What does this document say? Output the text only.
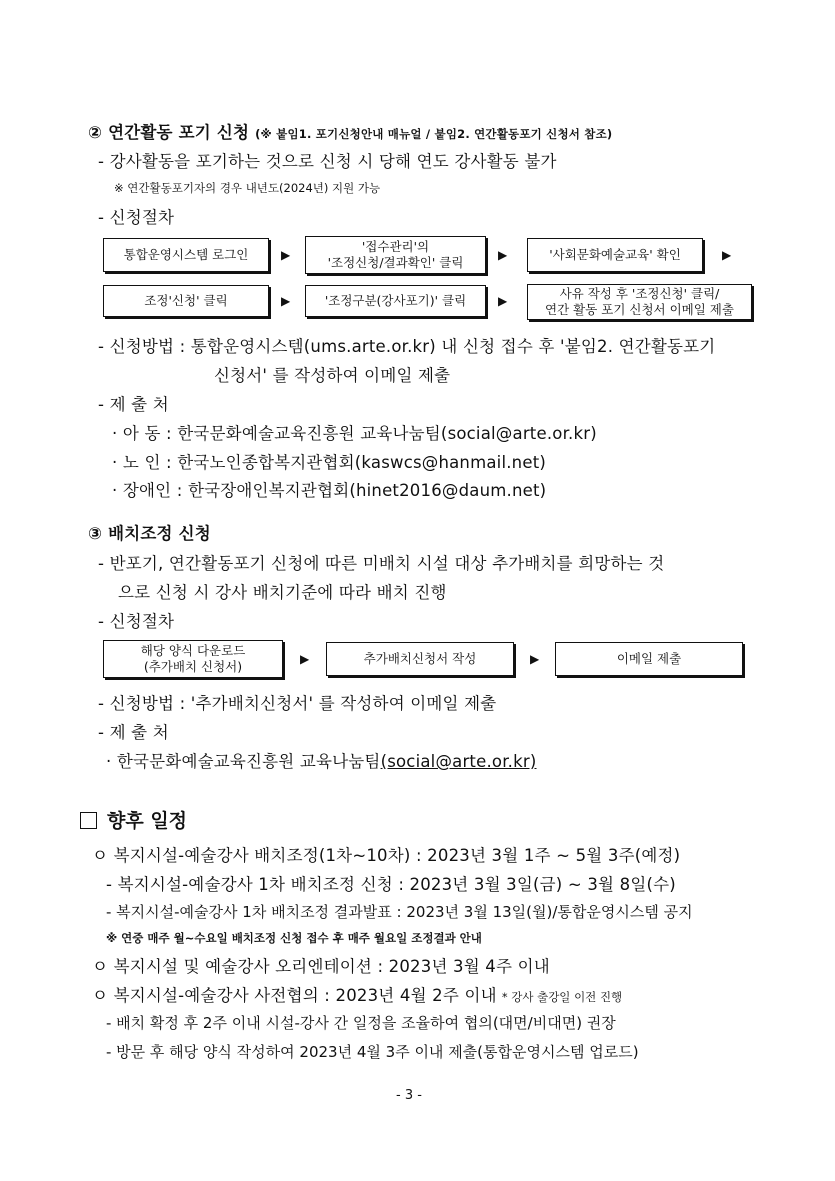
② 연간활동 포기 신청 (※ 붙임1. 포기신청안내 매뉴얼 / 붙임2. 연간활동포기 신청서 참조)
- 강사활동을 포기하는 것으로 신청 시 당해 연도 강사활동 불가
※ 연간활동포기자의 경우 내년도(2024년) 지원 가능
- 신청절차
통합운영시스템 로그인	▶
'접수관리'의
'조정신청/결과확인' 클릭	▶	'사회문화예술교육' 확인	▶
조정'신청' 클릭	▶	'조정구분(강사포기)' 클릭	▶	사유 작성 후 '조정신청' 클릭/
연간 활동 포기 신청서 이메일 제출
- 신청방법 : 통합운영시스템(ums.arte.or.kr) 내 신청 접수 후 '붙임2. 연간활동포기
신청서' 를 작성하여 이메일 제출
- 제 출 처
· 아 동 : 한국문화예술교육진흥원 교육나눔팀(social@arte.or.kr)
· 노 인 : 한국노인종합복지관협회(kaswcs@hanmail.net)
· 장애인 : 한국장애인복지관협회(hinet2016@daum.net)
③ 배치조정 신청
- 반포기, 연간활동포기 신청에 따른 미배치 시설 대상 추가배치를 희망하는 것
으로 신청 시 강사 배치기준에 따라 배치 진행
- 신청절차
해당 양식 다운로드
(추가배치 신청서)	▶	추가배치신청서 작성	▶	이메일 제출
- 신청방법 : '추가배치신청서' 를 작성하여 이메일 제출
- 제 출 처
· 한국문화예술교육진흥원 교육나눔팀(social@arte.or.kr)
향후 일정
ㅇ 복지시설-예술강사 배치조정(1차~10차) : 2023년 3월 1주 ~ 5월 3주(예정)
- 복지시설-예술강사 1차 배치조정 신청 : 2023년 3월 3일(금) ~ 3월 8일(수)
- 복지시설-예술강사 1차 배치조정 결과발표 : 2023년 3월 13일(월)/통합운영시스템 공지
※ 연중 매주 월~수요일 배치조정 신청 접수 후 매주 월요일 조정결과 안내
ㅇ 복지시설 및 예술강사 오리엔테이션 : 2023년 3월 4주 이내
ㅇ 복지시설-예술강사 사전협의 : 2023년 4월 2주 이내 * 강사 출강일 이전 진행
- 배치 확정 후 2주 이내 시설-강사 간 일정을 조율하여 협의(대면/비대면) 권장
- 방문 후 해당 양식 작성하여 2023년 4월 3주 이내 제출(통합운영시스템 업로드)
- 3 -
